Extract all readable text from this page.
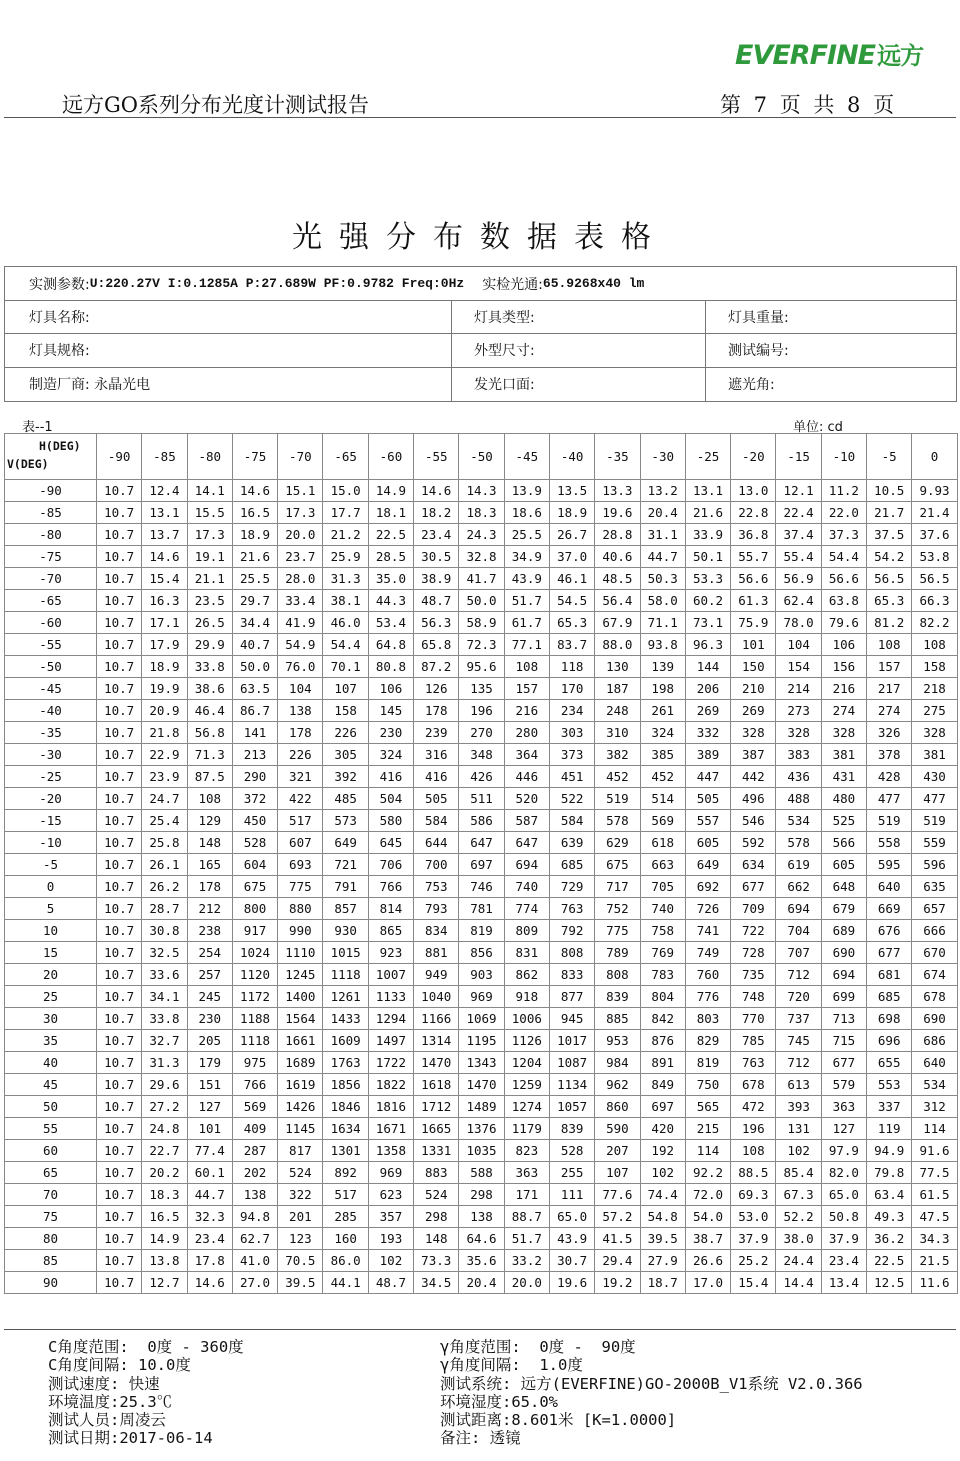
EVERFINE远方
远方GO系列分布光度计测试报告	第 7 页 共 8 页
光强分布数据表格
实测参数: U:220.27V I:0.1285A P:27.689W PF:0.9782 Freq:0Hz 实检光通: 65.9268x40 lm
灯具名称:	灯具类型:	灯具重量:
灯具规格:	外型尺寸:	测试编号:
制造厂商: 永晶光电	发光口面:	遮光角:
表--1	单位: cd
H(DEG)
V(DEG)	-90	-85	-80	-75	-70	-65	-60	-55	-50	-45	-40	-35	-30	-25	-20	-15	-10	-5	0
-90	10.7	12.4	14.1	14.6	15.1	15.0	14.9	14.6	14.3	13.9	13.5	13.3	13.2	13.1	13.0	12.1	11.2	10.5	9.93
-85	10.7	13.1	15.5	16.5	17.3	17.7	18.1	18.2	18.3	18.6	18.9	19.6	20.4	21.6	22.8	22.4	22.0	21.7	21.4
-80	10.7	13.7	17.3	18.9	20.0	21.2	22.5	23.4	24.3	25.5	26.7	28.8	31.1	33.9	36.8	37.4	37.3	37.5	37.6
-75	10.7	14.6	19.1	21.6	23.7	25.9	28.5	30.5	32.8	34.9	37.0	40.6	44.7	50.1	55.7	55.4	54.4	54.2	53.8
-70	10.7	15.4	21.1	25.5	28.0	31.3	35.0	38.9	41.7	43.9	46.1	48.5	50.3	53.3	56.6	56.9	56.6	56.5	56.5
-65	10.7	16.3	23.5	29.7	33.4	38.1	44.3	48.7	50.0	51.7	54.5	56.4	58.0	60.2	61.3	62.4	63.8	65.3	66.3
-60	10.7	17.1	26.5	34.4	41.9	46.0	53.4	56.3	58.9	61.7	65.3	67.9	71.1	73.1	75.9	78.0	79.6	81.2	82.2
-55	10.7	17.9	29.9	40.7	54.9	54.4	64.8	65.8	72.3	77.1	83.7	88.0	93.8	96.3	101	104	106	108	108
-50	10.7	18.9	33.8	50.0	76.0	70.1	80.8	87.2	95.6	108	118	130	139	144	150	154	156	157	158
-45	10.7	19.9	38.6	63.5	104	107	106	126	135	157	170	187	198	206	210	214	216	217	218
-40	10.7	20.9	46.4	86.7	138	158	145	178	196	216	234	248	261	269	269	273	274	274	275
-35	10.7	21.8	56.8	141	178	226	230	239	270	280	303	310	324	332	328	328	328	326	328
-30	10.7	22.9	71.3	213	226	305	324	316	348	364	373	382	385	389	387	383	381	378	381
-25	10.7	23.9	87.5	290	321	392	416	416	426	446	451	452	452	447	442	436	431	428	430
-20	10.7	24.7	108	372	422	485	504	505	511	520	522	519	514	505	496	488	480	477	477
-15	10.7	25.4	129	450	517	573	580	584	586	587	584	578	569	557	546	534	525	519	519
-10	10.7	25.8	148	528	607	649	645	644	647	647	639	629	618	605	592	578	566	558	559
-5	10.7	26.1	165	604	693	721	706	700	697	694	685	675	663	649	634	619	605	595	596
0	10.7	26.2	178	675	775	791	766	753	746	740	729	717	705	692	677	662	648	640	635
5	10.7	28.7	212	800	880	857	814	793	781	774	763	752	740	726	709	694	679	669	657
10	10.7	30.8	238	917	990	930	865	834	819	809	792	775	758	741	722	704	689	676	666
15	10.7	32.5	254	1024	1110	1015	923	881	856	831	808	789	769	749	728	707	690	677	670
20	10.7	33.6	257	1120	1245	1118	1007	949	903	862	833	808	783	760	735	712	694	681	674
25	10.7	34.1	245	1172	1400	1261	1133	1040	969	918	877	839	804	776	748	720	699	685	678
30	10.7	33.8	230	1188	1564	1433	1294	1166	1069	1006	945	885	842	803	770	737	713	698	690
35	10.7	32.7	205	1118	1661	1609	1497	1314	1195	1126	1017	953	876	829	785	745	715	696	686
40	10.7	31.3	179	975	1689	1763	1722	1470	1343	1204	1087	984	891	819	763	712	677	655	640
45	10.7	29.6	151	766	1619	1856	1822	1618	1470	1259	1134	962	849	750	678	613	579	553	534
50	10.7	27.2	127	569	1426	1846	1816	1712	1489	1274	1057	860	697	565	472	393	363	337	312
55	10.7	24.8	101	409	1145	1634	1671	1665	1376	1179	839	590	420	215	196	131	127	119	114
60	10.7	22.7	77.4	287	817	1301	1358	1331	1035	823	528	207	192	114	108	102	97.9	94.9	91.6
65	10.7	20.2	60.1	202	524	892	969	883	588	363	255	107	102	92.2	88.5	85.4	82.0	79.8	77.5
70	10.7	18.3	44.7	138	322	517	623	524	298	171	111	77.6	74.4	72.0	69.3	67.3	65.0	63.4	61.5
75	10.7	16.5	32.3	94.8	201	285	357	298	138	88.7	65.0	57.2	54.8	54.0	53.0	52.2	50.8	49.3	47.5
80	10.7	14.9	23.4	62.7	123	160	193	148	64.6	51.7	43.9	41.5	39.5	38.7	37.9	38.0	37.9	36.2	34.3
85	10.7	13.8	17.8	41.0	70.5	86.0	102	73.3	35.6	33.2	30.7	29.4	27.9	26.6	25.2	24.4	23.4	22.5	21.5
90	10.7	12.7	14.6	27.0	39.5	44.1	48.7	34.5	20.4	20.0	19.6	19.2	18.7	17.0	15.4	14.4	13.4	12.5	11.6
C角度范围:  0度 - 360度
C角度间隔: 10.0度
测试速度: 快速
环境温度:25.3℃
测试人员:周凌云
测试日期:2017-06-14
γ角度范围:  0度 -  90度
γ角度间隔:  1.0度
测试系统: 远方(EVERFINE)GO-2000B_V1系统 V2.0.366
环境湿度:65.0%
测试距离:8.601米 [K=1.0000]
备注: 透镜
